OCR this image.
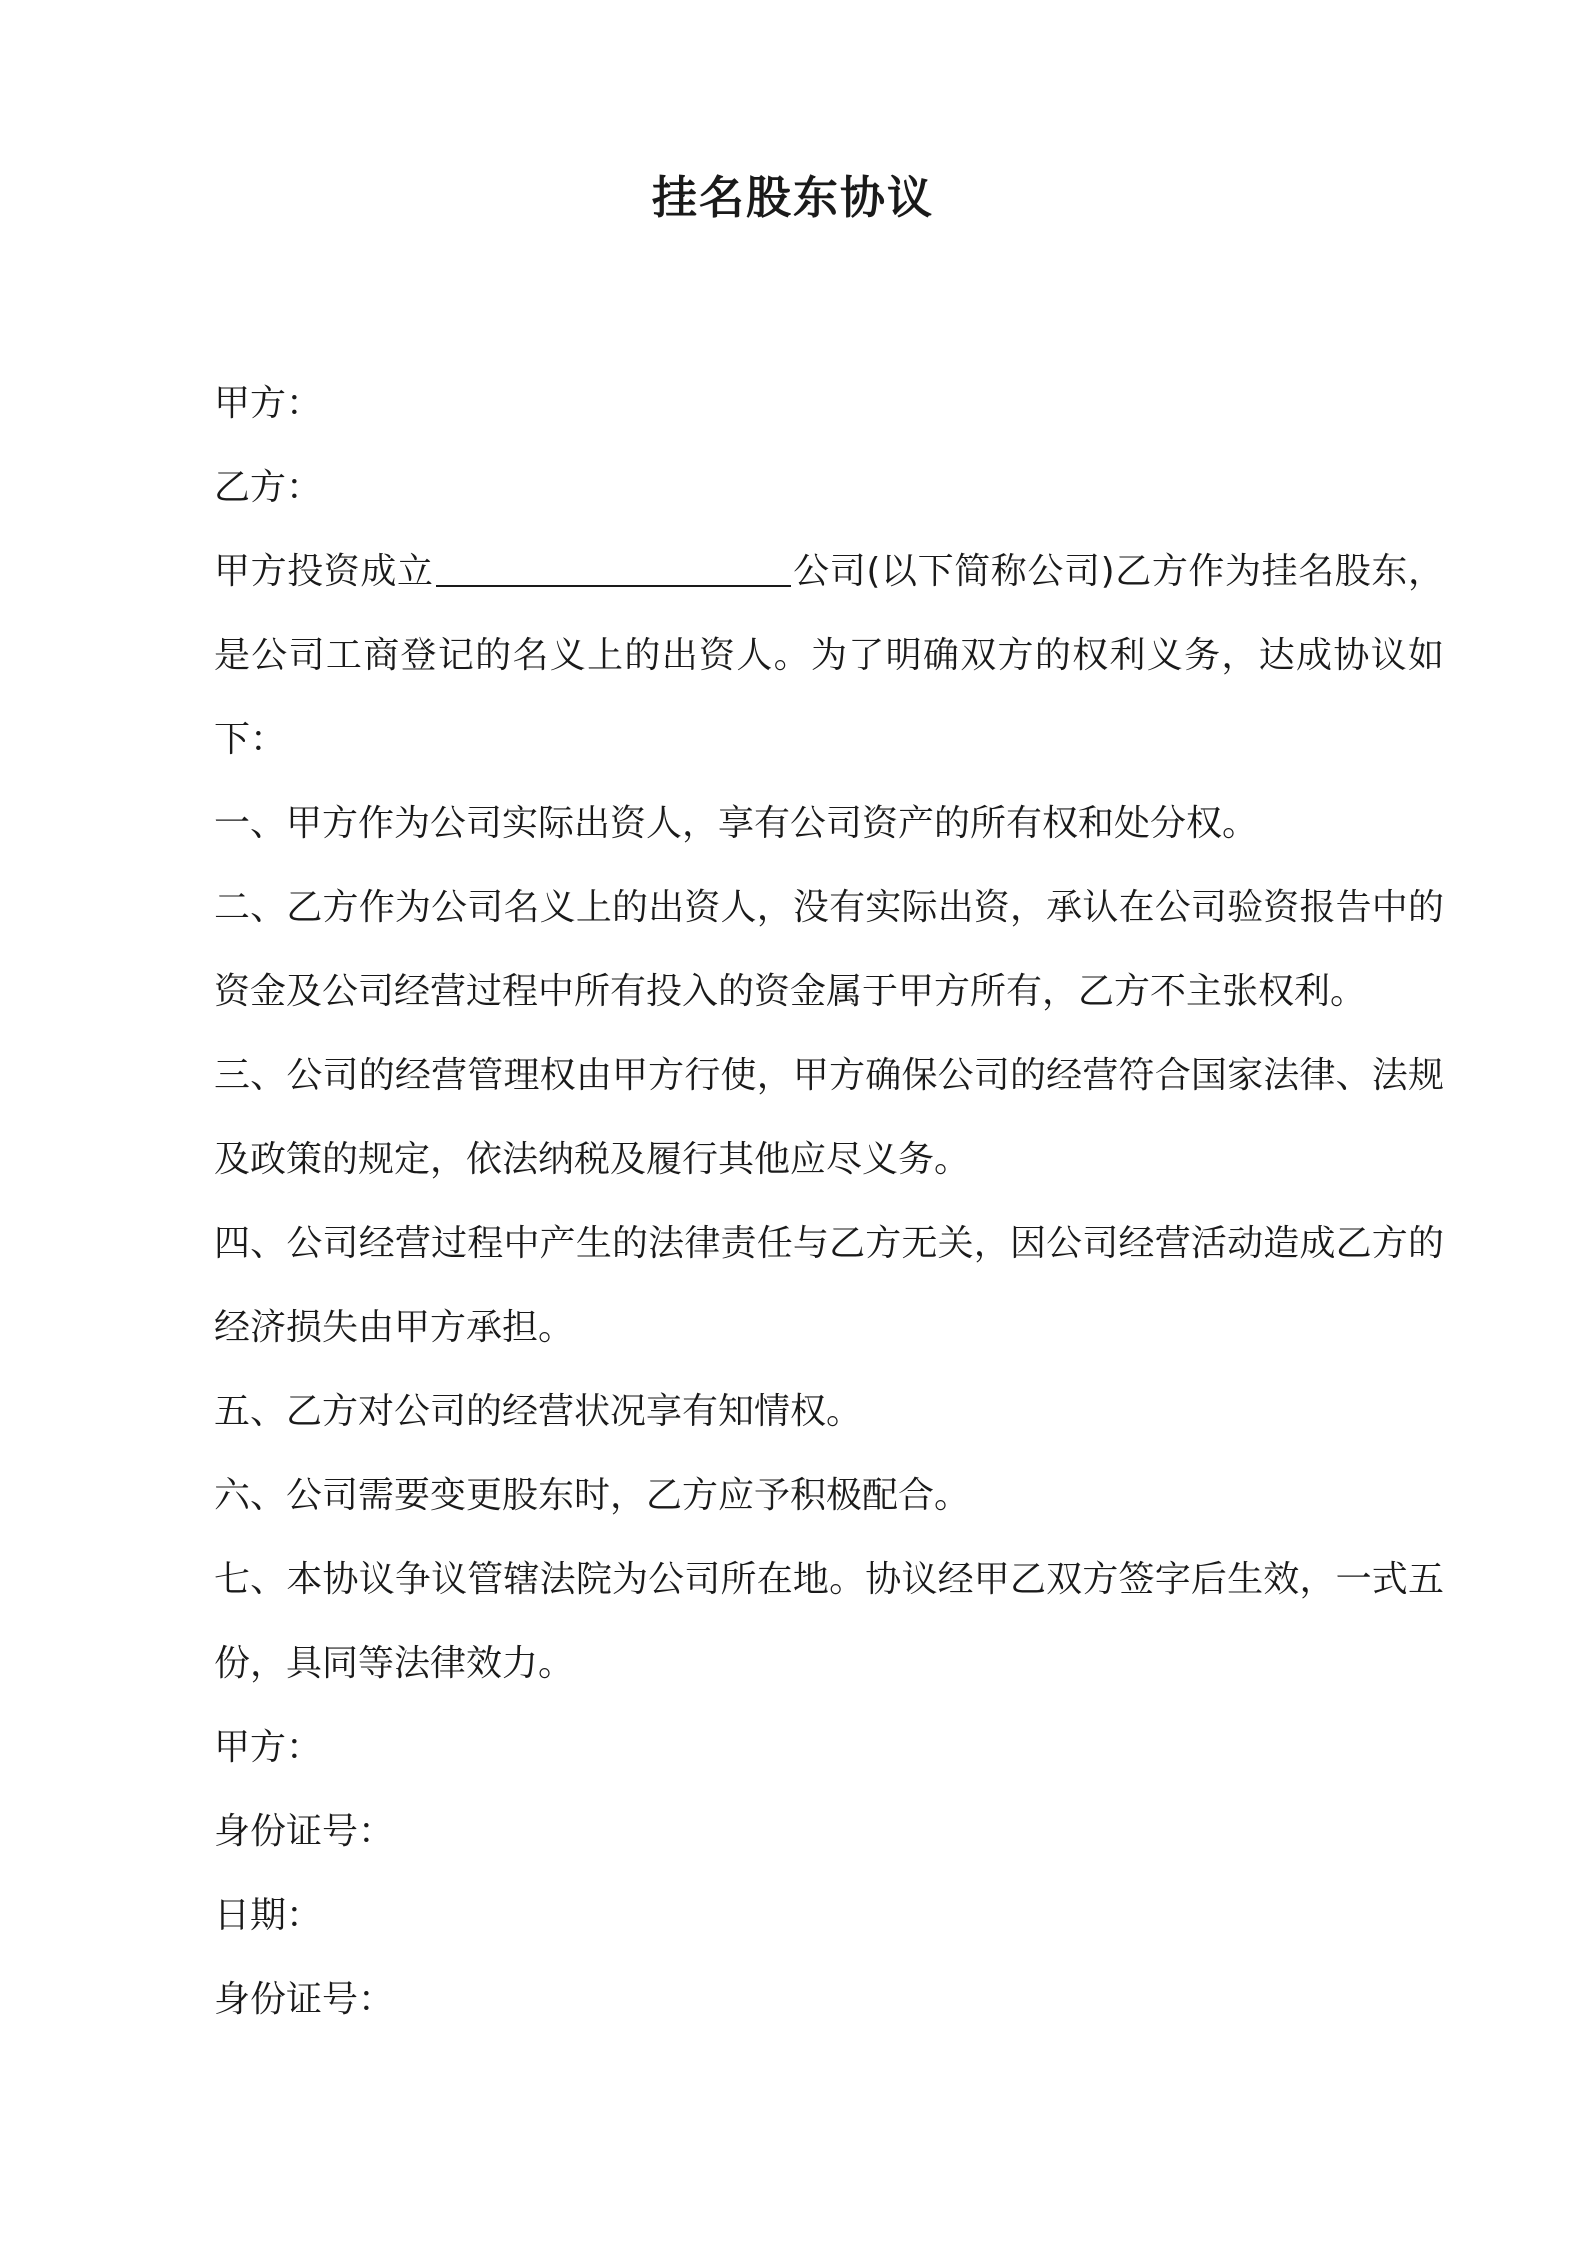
挂名股东协议

甲方：

乙方：

甲方投资成立	公司(以下简称公司)乙方作为挂名股东，是公司工商登记的名义上的出资人。为了明确双方的权利义务，达成协议如下：

一、甲方作为公司实际出资人，享有公司资产的所有权和处分权。

二、乙方作为公司名义上的出资人，没有实际出资，承认在公司验资报告中的资金及公司经营过程中所有投入的资金属于甲方所有，乙方不主张权利。

三、公司的经营管理权由甲方行使，甲方确保公司的经营符合国家法律、法规及政策的规定，依法纳税及履行其他应尽义务。

四、公司经营过程中产生的法律责任与乙方无关，因公司经营活动造成乙方的经济损失由甲方承担。

五、乙方对公司的经营状况享有知情权。

六、公司需要变更股东时，乙方应予积极配合。

七、本协议争议管辖法院为公司所在地。协议经甲乙双方签字后生效，一式五份，具同等法律效力。

甲方：

身份证号：

日期：

身份证号：
